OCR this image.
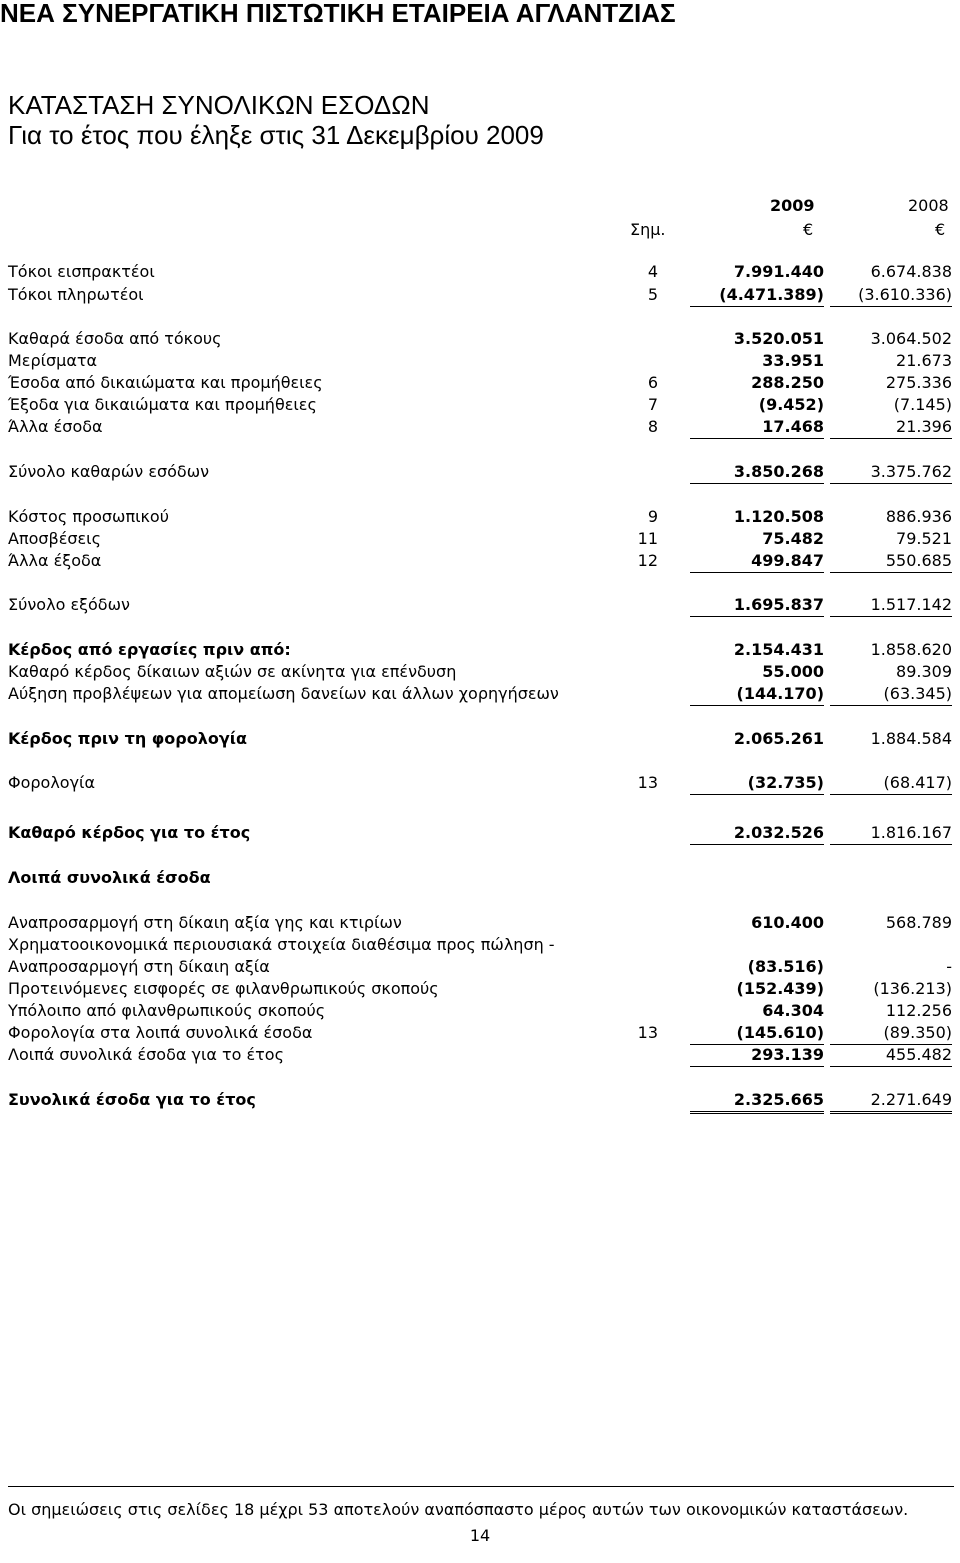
ΝΕΑ ΣΥΝΕΡΓΑΤΙΚΗ ΠΙΣΤΩΤΙΚΗ ΕΤΑΙΡΕΙΑ ΑΓΛΑΝΤΖΙΑΣ
ΚΑΤΑΣΤΑΣΗ ΣΥΝΟΛΙΚΩΝ ΕΣΟΔΩΝ
Για το έτος που έληξε στις 31 Δεκεμβρίου 2009
2009	2008
Σημ.	€	€
Τόκοι εισπρακτέοι	4	7.991.440	6.674.838
Τόκοι πληρωτέοι	5	(4.471.389)	(3.610.336)
Καθαρά έσοδα από τόκους	3.520.051	3.064.502
Μερίσματα	33.951	21.673
Έσοδα από δικαιώματα και προμήθειες	6	288.250	275.336
Έξοδα για δικαιώματα και προμήθειες	7	(9.452)	(7.145)
Άλλα έσοδα	8	17.468	21.396
Σύνολο καθαρών εσόδων	3.850.268	3.375.762
Κόστος προσωπικού	9	1.120.508	886.936
Αποσβέσεις	11	75.482	79.521
Άλλα έξοδα	12	499.847	550.685
Σύνολο εξόδων	1.695.837	1.517.142
Κέρδος από εργασίες πριν από:	2.154.431	1.858.620
Καθαρό κέρδος δίκαιων αξιών σε ακίνητα για επένδυση	55.000	89.309
Αύξηση προβλέψεων για απομείωση δανείων και άλλων χορηγήσεων	(144.170)	(63.345)
Κέρδος πριν τη φορολογία	2.065.261	1.884.584
Φορολογία	13	(32.735)	(68.417)
Καθαρό κέρδος για το έτος	2.032.526	1.816.167
Λοιπά συνολικά έσοδα
Αναπροσαρμογή στη δίκαιη αξία γης και κτιρίων	610.400	568.789
Χρηματοοικονομικά περιουσιακά στοιχεία διαθέσιμα προς πώληση -
Αναπροσαρμογή στη δίκαιη αξία	(83.516)	-
Προτεινόμενες εισφορές σε φιλανθρωπικούς σκοπούς	(152.439)	(136.213)
Υπόλοιπο από φιλανθρωπικούς σκοπούς	64.304	112.256
Φορολογία στα λοιπά συνολικά έσοδα	13	(145.610)	(89.350)
Λοιπά συνολικά έσοδα για το έτος	293.139	455.482
Συνολικά έσοδα για το έτος	2.325.665	2.271.649
Οι σημειώσεις στις σελίδες 18 μέχρι 53 αποτελούν αναπόσπαστο μέρος αυτών των οικονομικών καταστάσεων.
14
